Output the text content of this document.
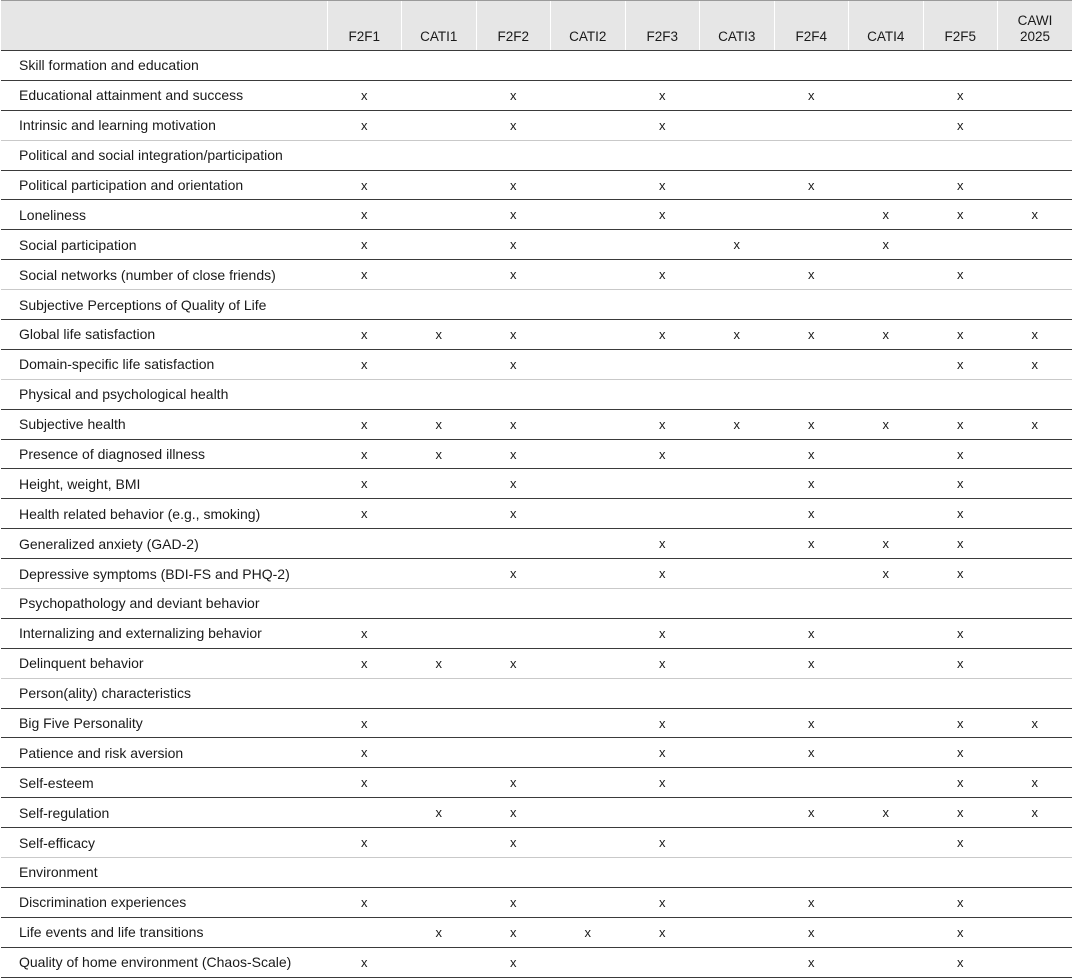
	F2F1	CATI1	F2F2	CATI2	F2F3	CATI3	F2F4	CATI4	F2F5	CAWI
2025
Skill formation and education										
Educational attainment and success	x		x		x		x		x	
Intrinsic and learning motivation	x		x		x				x	
Political and social integration/participation										
Political participation and orientation	x		x		x		x		x	
Loneliness	x		x		x			x	x	x
Social participation	x		x			x		x		
Social networks (number of close friends)	x		x		x		x		x	
Subjective Perceptions of Quality of Life										
Global life satisfaction	x	x	x		x	x	x	x	x	x
Domain-specific life satisfaction	x		x						x	x
Physical and psychological health										
Subjective health	x	x	x		x	x	x	x	x	x
Presence of diagnosed illness	x	x	x		x		x		x	
Height, weight, BMI	x		x				x		x	
Health related behavior (e.g., smoking)	x		x				x		x	
Generalized anxiety (GAD-2)					x		x	x	x	
Depressive symptoms (BDI-FS and PHQ-2)			x		x			x	x	
Psychopathology and deviant behavior										
Internalizing and externalizing behavior	x				x		x		x	
Delinquent behavior	x	x	x		x		x		x	
Person(ality) characteristics										
Big Five Personality	x				x		x		x	x
Patience and risk aversion	x				x		x		x	
Self-esteem	x		x		x				x	x
Self-regulation		x	x				x	x	x	x
Self-efficacy	x		x		x				x	
Environment										
Discrimination experiences	x		x		x		x		x	
Life events and life transitions		x	x	x	x		x		x	
Quality of home environment (Chaos-Scale)	x		x				x		x	
